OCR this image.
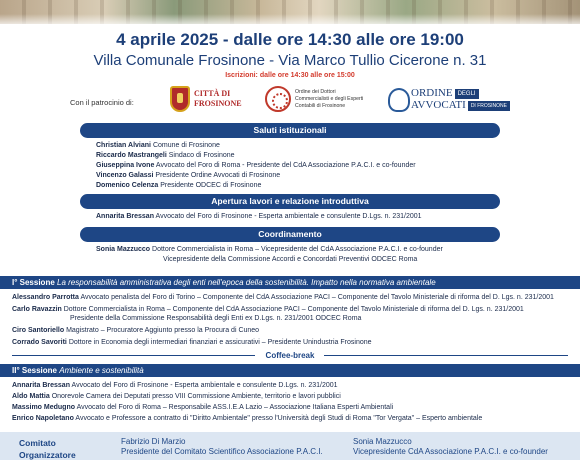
4 aprile 2025 - dalle ore 14:30 alle ore 19:00
Villa Comunale Frosinone - Via Marco Tullio Cicerone n. 31
Iscrizioni: dalle ore 14:30 alle ore 15:00
Con il patrocinio di:
CITTÀ DI
FROSINONE
Ordine dei Dottori
Commercialisti e degli Esperti
Contabili di Frosinone
ORDINE DEGLI
AVVOCATI	DI FROSINONE
Saluti istituzionali
Christian Alviani Comune di Frosinone
Riccardo Mastrangeli Sindaco di Frosinone
Giuseppina Ivone Avvocato del Foro di Roma - Presidente del CdA Associazione P.A.C.I. e co-founder
Vincenzo Galassi Presidente Ordine Avvocati di Frosinone
Domenico Celenza Presidente ODCEC di Frosinone
Apertura lavori e relazione introduttiva
Annarita Bressan Avvocato del Foro di Frosinone - Esperta ambientale e consulente D.Lgs. n. 231/2001
Coordinamento
Sonia Mazzucco Dottore Commercialista in Roma – Vicepresidente del CdA Associazione P.A.C.I. e co-founder
Vicepresidente della Commissione Accordi e Concordati Preventivi ODCEC Roma
I° Sessione La responsabilità amministrativa degli enti nell'epoca della sostenibilità. Impatto nella normativa ambientale
Alessandro Parrotta Avvocato penalista del Foro di Torino – Componente del CdA Associazione PACI – Componente del Tavolo Ministeriale di riforma del D. Lgs. n. 231/2001
Carlo Ravazzin Dottore Commercialista in Roma – Componente del CdA Associazione PACI – Componente del Tavolo Ministeriale di riforma del D. Lgs. n. 231/2001
Presidente della Commissione Responsabilità degli Enti ex D.Lgs. n. 231/2001 ODCEC Roma
Ciro Santoriello Magistrato – Procuratore Aggiunto presso la Procura di Cuneo
Corrado Savoriti Dottore in Economia degli intermediari finanziari e assicurativi – Presidente Unindustria Frosinone
Coffee-break
II° Sessione Ambiente e sostenibilità
Annarita Bressan Avvocato del Foro di Frosinone - Esperta ambientale e consulente D.Lgs. n. 231/2001
Aldo Mattia Onorevole Camera dei Deputati presso VIII Commissione Ambiente, territorio e lavori pubblici
Massimo Medugno Avvocato del Foro di Roma – Responsabile ASS.I.E.A Lazio – Associazione Italiana Esperti Ambientali
Enrico Napoletano Avvocato e Professore a contratto di "Diritto Ambientale" presso l'Università degli Studi di Roma "Tor Vergata" – Esperto ambientale
Comitato Organizzatore
Fabrizio Di Marzio
Presidente del Comitato Scientifico Associazione P.A.C.I.
Sonia Mazzucco
Vicepresidente CdA Associazione P.A.C.I. e co-founder
